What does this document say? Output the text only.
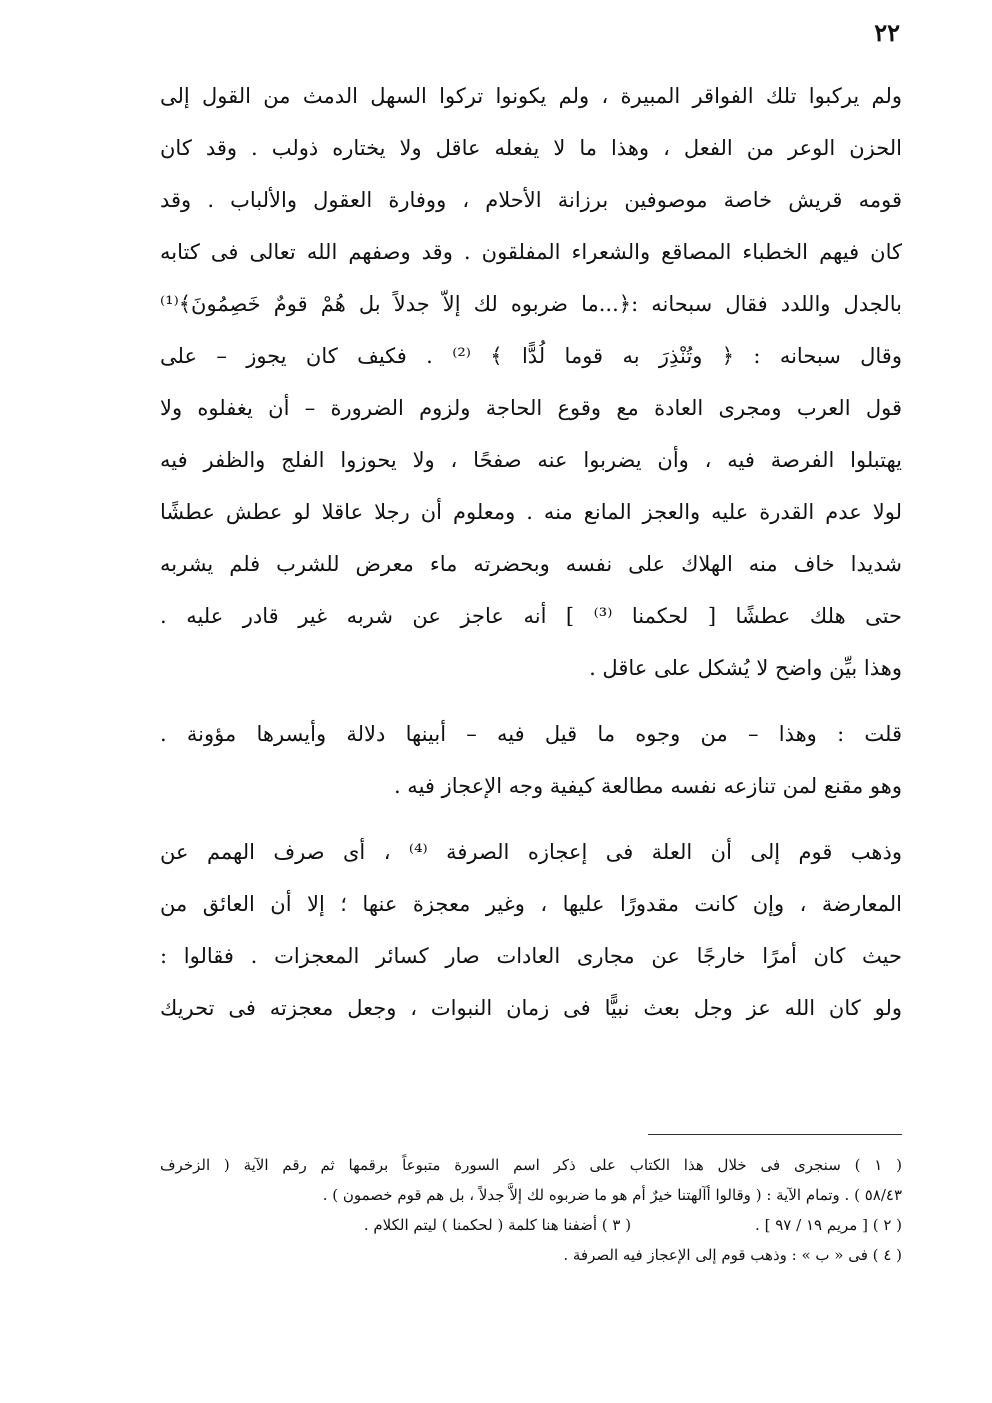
٢٢
ولم يركبوا تلك الفواقر المبيرة ، ولم يكونوا تركوا السهل الدمث من القول إلى
الحزن الوعر من الفعل ، وهذا ما لا يفعله عاقل ولا يختاره ذولب . وقد كان
قومه قريش خاصة موصوفين برزانة الأحلام ، ووفارة العقول والألباب . وقد
كان فيهم الخطباء المصاقع والشعراء المفلقون . وقد وصفهم الله تعالى فى كتابه
بالجدل واللدد فقال سبحانه :﴿...ما ضربوه لك إلاّ جدلاً بل هُمْ قومٌ خَصِمُونَ﴾⁽¹⁾
وقال سبحانه : ﴿ وتُنْذِرَ به قوما لُدًّا ﴾ ⁽²⁾ . فكيف كان يجوز – على
قول العرب ومجرى العادة مع وقوع الحاجة ولزوم الضرورة – أن يغفلوه ولا
يهتبلوا الفرصة فيه ، وأن يضربوا عنه صفحًا ، ولا يحوزوا الفلج والظفر فيه
لولا عدم القدرة عليه والعجز المانع منه . ومعلوم أن رجلا عاقلا لو عطش عطشًا
شديدا خاف منه الهلاك على نفسه وبحضرته ماء معرض للشرب فلم يشربه
حتى هلك عطشًا [ لحكمنا ⁽³⁾ ] أنه عاجز عن شربه غير قادر عليه .
وهذا بيِّن واضح لا يُشكل على عاقل .
قلت : وهذا – من وجوه ما قيل فيه – أبينها دلالة وأيسرها مؤونة .
وهو مقنع لمن تنازعه نفسه مطالعة كيفية وجه الإعجاز فيه .
وذهب قوم إلى أن العلة فى إعجازه الصرفة ⁽⁴⁾ ، أى صرف الهمم عن
المعارضة ، وإن كانت مقدورًا عليها ، وغير معجزة عنها ؛ إلا أن العائق من
حيث كان أمرًا خارجًا عن مجارى العادات صار كسائر المعجزات . فقالوا :
ولو كان الله عز وجل بعث نبيًّا فى زمان النبوات ، وجعل معجزته فى تحريك
( ١ ) سنجرى فى خلال هذا الكتاب على ذكر اسم السورة متبوعاً برقمها ثم رقم الآية ( الزخرف
٥٨/٤٣ ) . وتمام الآية : ( وقالوا أآلهتنا خيرٌ أم هو ما ضربوه لك إلاَّ جدلاً ، بل هم قوم خصمون ) .
( ٢ ) [ مريم ١٩ / ٩٧ ] .                          ( ٣ ) أضفنا هنا كلمة ( لحكمنا ) ليتم الكلام .
( ٤ ) فى « ب » : وذهب قوم إلى الإعجاز فيه الصرفة .
